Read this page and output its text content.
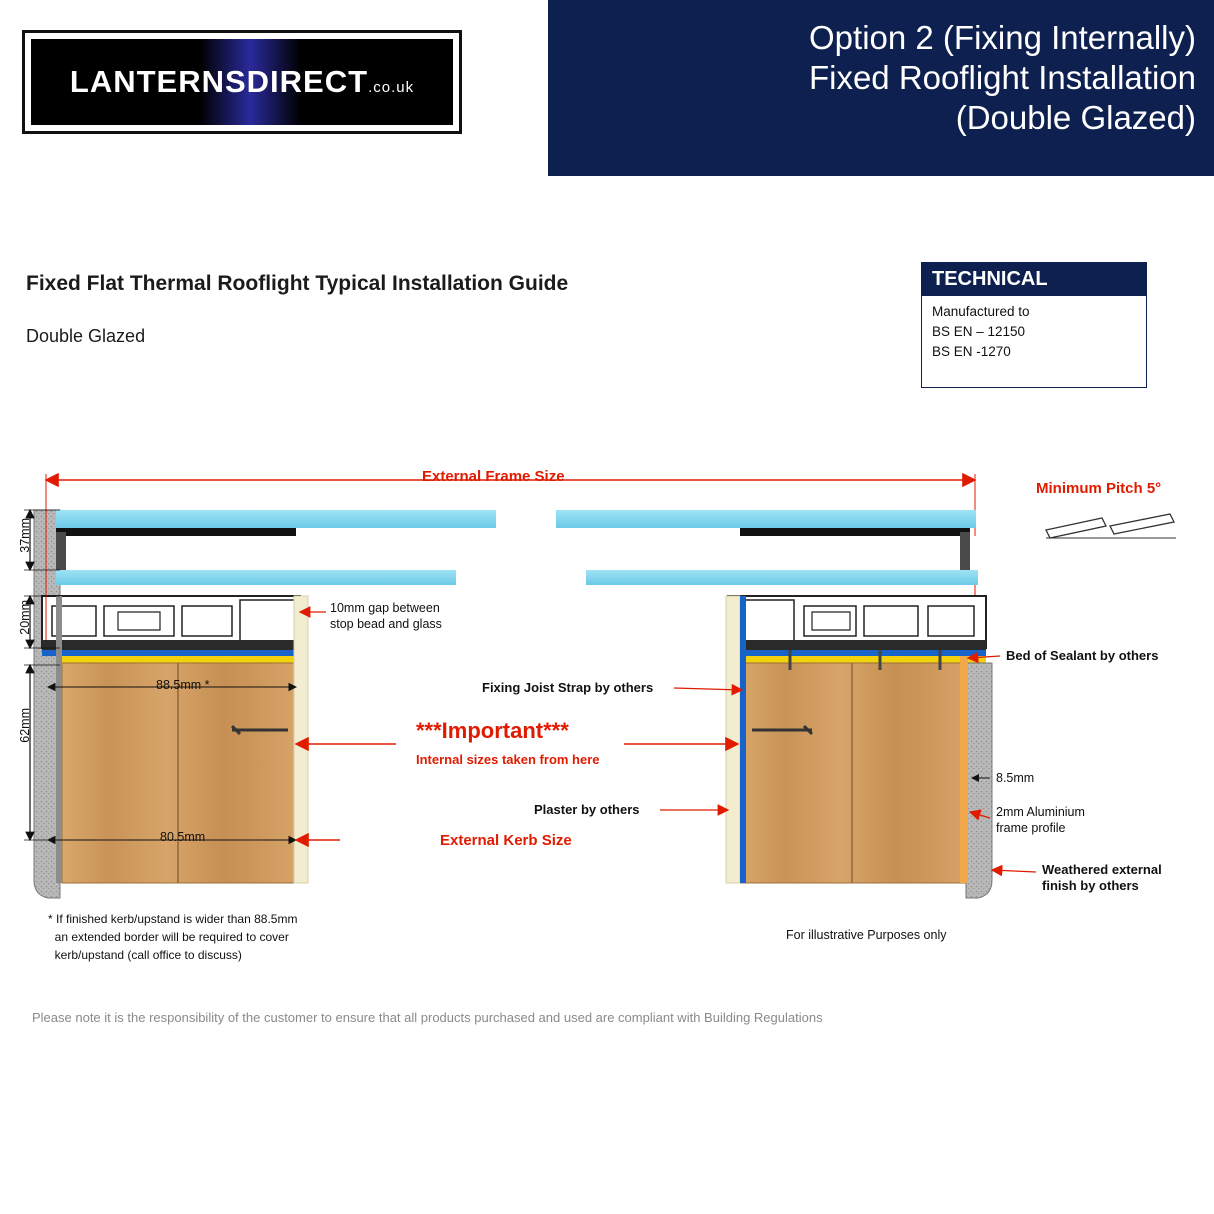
Option 2 (Fixing Internally)
Fixed Rooflight Installation
(Double Glazed)
LANTERNSDIRECT.co.uk
Fixed Flat Thermal Rooflight Typical Installation Guide
Double Glazed
TECHNICAL
Manufactured to
BS EN – 12150
BS EN -1270
External Frame Size
Minimum Pitch 5°
37mm
20mm
62mm
88.5mm *
80.5mm
10mm gap between
stop bead and glass
Bed of Sealant by others
Fixing Joist Strap by others
Plaster by others
8.5mm
2mm Aluminium
frame profile
Weathered external
finish by others
***Important***
Internal sizes taken from here
External Kerb Size
* If finished kerb/upstand is wider than 88.5mm
an extended border will be required to cover
kerb/upstand (call office to discuss)
For illustrative Purposes only
Please note it is the responsibility of the customer to ensure that all products purchased and used are compliant with Building Regulations
